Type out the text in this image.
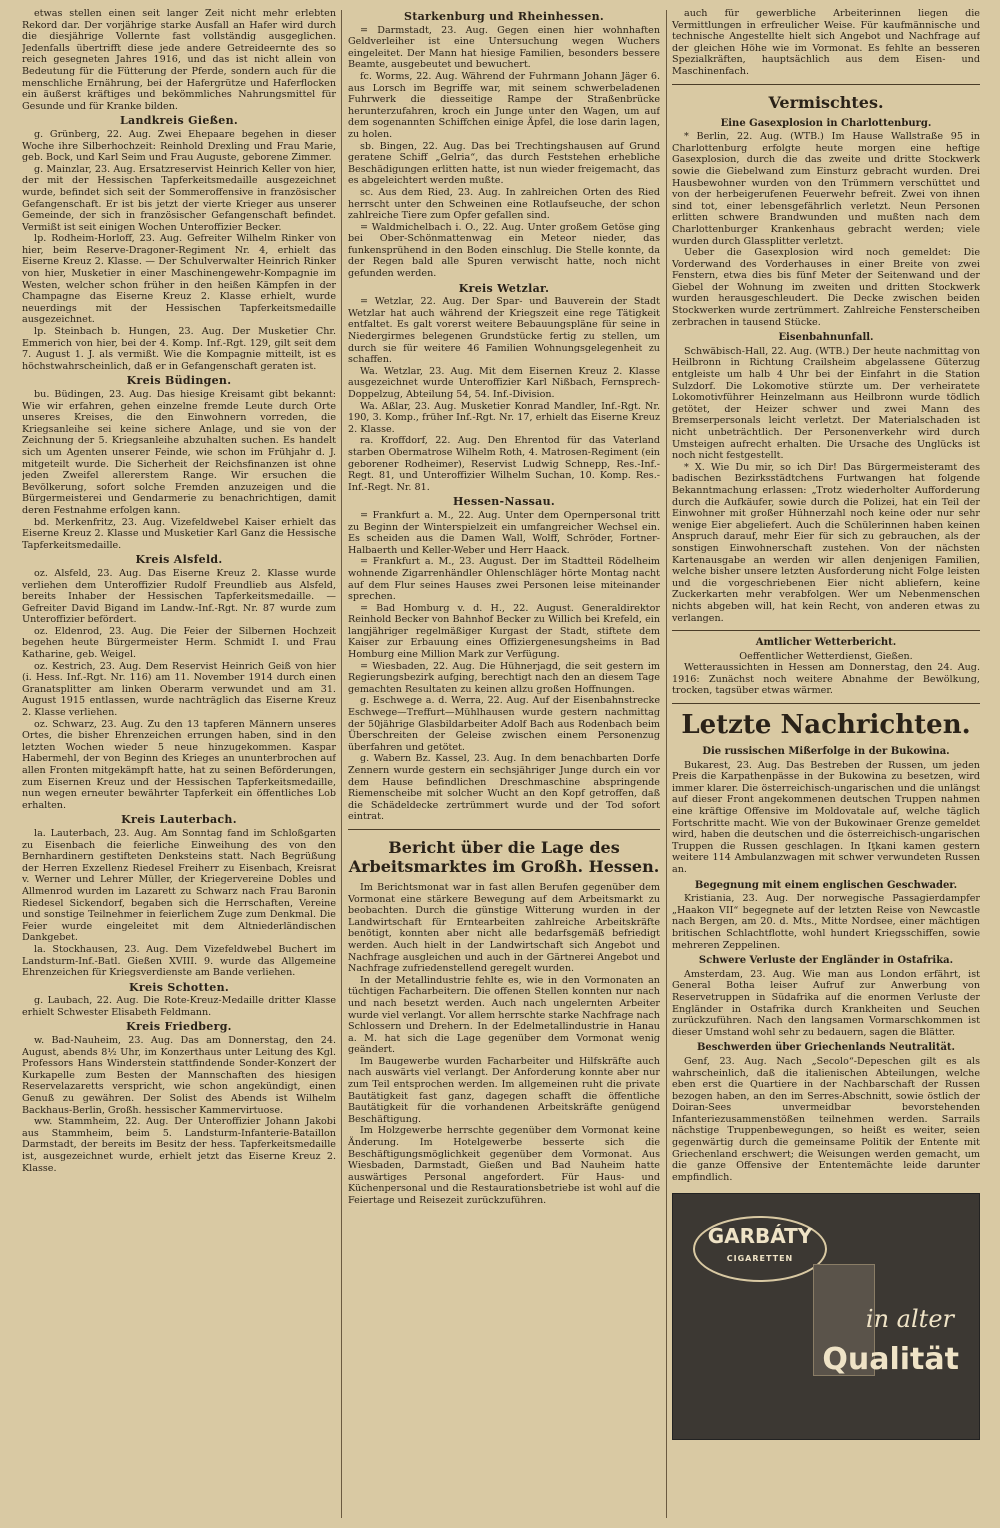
etwas stellen einen seit langer Zeit nicht mehr erlebten Rekord dar. Der vorjährige starke Ausfall an Hafer wird durch die diesjährige Vollernte fast vollständig ausgeglichen. Jedenfalls übertrifft diese jede andere Getreideernte des so reich gesegneten Jahres 1916, und das ist nicht allein von Bedeutung für die Fütterung der Pferde, sondern auch für die menschliche Ernährung, bei der Hafergrütze und Haferflocken ein äußerst kräftiges und bekömmliches Nahrungsmittel für Gesunde und für Kranke bilden.

Landkreis Gießen.

g. Grünberg, 22. Aug. Zwei Ehepaare begehen in dieser Woche ihre Silberhochzeit: Reinhold Drexling und Frau Marie, geb. Bock, und Karl Seim und Frau Auguste, geborene Zimmer.

g. Mainzlar, 23. Aug. Ersatzreservist Heinrich Keller von hier, der mit der Hessischen Tapferkeitsmedaille ausgezeichnet wurde, befindet sich seit der Sommeroffensive in französischer Gefangenschaft. Er ist bis jetzt der vierte Krieger aus unserer Gemeinde, der sich in französischer Gefangenschaft befindet. Vermißt ist seit einigen Wochen Unteroffizier Becker.

lp. Rodheim-Horloff, 23. Aug. Gefreiter Wilhelm Rinker von hier, beim Reserve-Dragoner-Regiment Nr. 4, erhielt das Eiserne Kreuz 2. Klasse. — Der Schulverwalter Heinrich Rinker von hier, Musketier in einer Maschinengewehr-Kompagnie im Westen, welcher schon früher in den heißen Kämpfen in der Champagne das Eiserne Kreuz 2. Klasse erhielt, wurde neuerdings mit der Hessischen Tapferkeitsmedaille ausgezeichnet.

lp. Steinbach b. Hungen, 23. Aug. Der Musketier Chr. Emmerich von hier, bei der 4. Komp. Inf.-Rgt. 129, gilt seit dem 7. August 1. J. als vermißt. Wie die Kompagnie mitteilt, ist es höchstwahrscheinlich, daß er in Gefangenschaft geraten ist.

Kreis Büdingen.

bu. Büdingen, 23. Aug. Das hiesige Kreisamt gibt bekannt: Wie wir erfahren, gehen einzelne fremde Leute durch Orte unseres Kreises, die den Einwohnern vorreden, die Kriegsanleihe sei keine sichere Anlage, und sie von der Zeichnung der 5. Kriegsanleihe abzuhalten suchen. Es handelt sich um Agenten unserer Feinde, wie schon im Frühjahr d. J. mitgeteilt wurde. Die Sicherheit der Reichsfinanzen ist ohne jeden Zweifel allererstem Range. Wir ersuchen die Bevölkerung, sofort solche Fremden anzuzeigen und die Bürgermeisterei und Gendarmerie zu benachrichtigen, damit deren Festnahme erfolgen kann.

bd. Merkenfritz, 23. Aug. Vizefeldwebel Kaiser erhielt das Eiserne Kreuz 2. Klasse und Musketier Karl Ganz die Hessische Tapferkeitsmedaille.

Kreis Alsfeld.

oz. Alsfeld, 23. Aug. Das Eiserne Kreuz 2. Klasse wurde verliehen dem Unteroffizier Rudolf Freundlieb aus Alsfeld, bereits Inhaber der Hessischen Tapferkeitsmedaille. — Gefreiter David Bigand im Landw.-Inf.-Rgt. Nr. 87 wurde zum Unteroffizier befördert.

oz. Eldenrod, 23. Aug. Die Feier der Silbernen Hochzeit begehen heute Bürgermeister Herm. Schmidt I. und Frau Katharine, geb. Weigel.

oz. Kestrich, 23. Aug. Dem Reservist Heinrich Geiß von hier (i. Hess. Inf.-Rgt. Nr. 116) am 11. November 1914 durch einen Granatsplitter am linken Oberarm verwundet und am 31. August 1915 entlassen, wurde nachträglich das Eiserne Kreuz 2. Klasse verliehen.

oz. Schwarz, 23. Aug. Zu den 13 tapferen Männern unseres Ortes, die bisher Ehrenzeichen errungen haben, sind in den letzten Wochen wieder 5 neue hinzugekommen. Kaspar Habermehl, der von Beginn des Krieges an ununterbrochen auf allen Fronten mitgekämpft hatte, hat zu seinen Beförderungen, zum Eisernen Kreuz und der Hessischen Tapferkeitsmedaille, nun wegen erneuter bewährter Tapferkeit ein öffentliches Lob erhalten.

Kreis Lauterbach.

la. Lauterbach, 23. Aug. Am Sonntag fand im Schloßgarten zu Eisenbach die feierliche Einweihung des von den Bernhardinern gestifteten Denksteins statt. Nach Begrüßung der Herren Exzellenz Riedesel Freiherr zu Eisenbach, Kreisrat v. Werner und Lehrer Müller, der Kriegervereine Dobles und Allmenrod wurden im Lazarett zu Schwarz nach Frau Baronin Riedesel Sickendorf, begaben sich die Herrschaften, Vereine und sonstige Teilnehmer in feierlichem Zuge zum Denkmal. Die Feier wurde eingeleitet mit dem Altniederländischen Dankgebet.

la. Stockhausen, 23. Aug. Dem Vizefeldwebel Buchert im Landsturm-Inf.-Batl. Gießen XVIII. 9. wurde das Allgemeine Ehrenzeichen für Kriegsverdienste am Bande verliehen.

Kreis Schotten.

g. Laubach, 22. Aug. Die Rote-Kreuz-Medaille dritter Klasse erhielt Schwester Elisabeth Feldmann.

Kreis Friedberg.

w. Bad-Nauheim, 23. Aug. Das am Donnerstag, den 24. August, abends 8½ Uhr, im Konzerthaus unter Leitung des Kgl. Professors Hans Winderstein stattfindende Sonder-Konzert der Kurkapelle zum Besten der Mannschaften des hiesigen Reservelazaretts verspricht, wie schon angekündigt, einen Genuß zu gewähren. Der Solist des Abends ist Wilhelm Backhaus-Berlin, Großh. hessischer Kammervirtuose.

ww. Stammheim, 22. Aug. Der Unteroffizier Johann Jakobi aus Stammheim, beim 5. Landsturm-Infanterie-Bataillon Darmstadt, der bereits im Besitz der hess. Tapferkeitsmedaille ist, ausgezeichnet wurde, erhielt jetzt das Eiserne Kreuz 2. Klasse.

Starkenburg und Rheinhessen.

= Darmstadt, 23. Aug. Gegen einen hier wohnhaften Geldverleiher ist eine Untersuchung wegen Wuchers eingeleitet. Der Mann hat hiesige Familien, besonders bessere Beamte, ausgebeutet und bewuchert.

fc. Worms, 22. Aug. Während der Fuhrmann Johann Jäger 6. aus Lorsch im Begriffe war, mit seinem schwerbeladenen Fuhrwerk die diesseitige Rampe der Straßenbrücke herunterzufahren, kroch ein Junge unter den Wagen, um auf dem sogenannten Schiffchen einige Äpfel, die lose darin lagen, zu holen.

sb. Bingen, 22. Aug. Das bei Trechtingshausen auf Grund geratene Schiff „Gelria“, das durch Feststehen erhebliche Beschädigungen erlitten hatte, ist nun wieder freigemacht, das es abgeleichtert werden mußte.

sc. Aus dem Ried, 23. Aug. In zahlreichen Orten des Ried herrscht unter den Schweinen eine Rotlaufseuche, der schon zahlreiche Tiere zum Opfer gefallen sind.

= Waldmichelbach i. O., 22. Aug. Unter großem Getöse ging bei Ober-Schönmattenwag ein Meteor nieder, das funkensprühend in den Boden einschlug. Die Stelle konnte, da der Regen bald alle Spuren verwischt hatte, noch nicht gefunden werden.

Kreis Wetzlar.

= Wetzlar, 22. Aug. Der Spar- und Bauverein der Stadt Wetzlar hat auch während der Kriegszeit eine rege Tätigkeit entfaltet. Es galt vorerst weitere Bebauungspläne für seine in Niedergirmes belegenen Grundstücke fertig zu stellen, um durch sie für weitere 46 Familien Wohnungsgelegenheit zu schaffen.

Wa. Wetzlar, 23. Aug. Mit dem Eisernen Kreuz 2. Klasse ausgezeichnet wurde Unteroffizier Karl Nißbach, Fernsprech-Doppelzug, Abteilung 54, 54. Inf.-Division.

Wa. Aßlar, 23. Aug. Musketier Konrad Mandler, Inf.-Rgt. Nr. 190, 3. Komp., früher Inf.-Rgt. Nr. 17, erhielt das Eiserne Kreuz 2. Klasse.

ra. Kroffdorf, 22. Aug. Den Ehrentod für das Vaterland starben Obermatrose Wilhelm Roth, 4. Matrosen-Regiment (ein geborener Rodheimer), Reservist Ludwig Schnepp, Res.-Inf.-Regt. 81, und Unteroffizier Wilhelm Suchan, 10. Komp. Res.-Inf.-Regt. Nr. 81.

Hessen-Nassau.

= Frankfurt a. M., 22. Aug. Unter dem Opernpersonal tritt zu Beginn der Winterspielzeit ein umfangreicher Wechsel ein. Es scheiden aus die Damen Wall, Wolff, Schröder, Fortner-Halbaerth und Keller-Weber und Herr Haack.

= Frankfurt a. M., 23. August. Der im Stadtteil Rödelheim wohnende Zigarrenhändler Ohlenschläger hörte Montag nacht auf dem Flur seines Hauses zwei Personen leise miteinander sprechen.

= Bad Homburg v. d. H., 22. August. Generaldirektor Reinhold Becker von Bahnhof Becker zu Willich bei Krefeld, ein langjähriger regelmäßiger Kurgast der Stadt, stiftete dem Kaiser zur Erbauung eines Offiziergenesungsheims in Bad Homburg eine Million Mark zur Verfügung.

= Wiesbaden, 22. Aug. Die Hühnerjagd, die seit gestern im Regierungsbezirk aufging, berechtigt nach den an diesem Tage gemachten Resultaten zu keinen allzu großen Hoffnungen.

g. Eschwege a. d. Werra, 22. Aug. Auf der Eisenbahnstrecke Eschwege—Treffurt—Mühlhausen wurde gestern nachmittag der 50jährige Glasbildarbeiter Adolf Bach aus Rodenbach beim Überschreiten der Geleise zwischen einem Personenzug überfahren und getötet.

g. Wabern Bz. Kassel, 23. Aug. In dem benachbarten Dorfe Zennern wurde gestern ein sechsjähriger Junge durch ein vor dem Hause befindlichen Dreschmaschine abspringende Riemenscheibe mit solcher Wucht an den Kopf getroffen, daß die Schädeldecke zertrümmert wurde und der Tod sofort eintrat.

Bericht über die Lage des Arbeitsmarktes im Großh. Hessen.

Im Berichtsmonat war in fast allen Berufen gegenüber dem Vormonat eine stärkere Bewegung auf dem Arbeitsmarkt zu beobachten. Durch die günstige Witterung wurden in der Landwirtschaft für Erntearbeiten zahlreiche Arbeitskräfte benötigt, konnten aber nicht alle bedarfsgemäß befriedigt werden. Auch hielt in der Landwirtschaft sich Angebot und Nachfrage ausgleichen und auch in der Gärtnerei Angebot und Nachfrage zufriedenstellend geregelt wurden.

In der Metallindustrie fehlte es, wie in den Vormonaten an tüchtigen Facharbeitern. Die offenen Stellen konnten nur nach und nach besetzt werden. Auch nach ungelernten Arbeiter wurde viel verlangt. Vor allem herrschte starke Nachfrage nach Schlossern und Drehern. In der Edelmetallindustrie in Hanau a. M. hat sich die Lage gegenüber dem Vormonat wenig geändert.

Im Baugewerbe wurden Facharbeiter und Hilfskräfte auch nach auswärts viel verlangt. Der Anforderung konnte aber nur zum Teil entsprochen werden. Im allgemeinen ruht die private Bautätigkeit fast ganz, dagegen schafft die öffentliche Bautätigkeit für die vorhandenen Arbeitskräfte genügend Beschäftigung.

Im Holzgewerbe herrschte gegenüber dem Vormonat keine Änderung. Im Hotelgewerbe besserte sich die Beschäftigungsmöglichkeit gegenüber dem Vormonat. Aus Wiesbaden, Darmstadt, Gießen und Bad Nauheim hatte auswärtiges Personal angefordert. Für Haus- und Küchenpersonal und die Restaurationsbetriebe ist wohl auf die Feiertage und Reisezeit zurückzuführen.

auch für gewerbliche Arbeiterinnen liegen die Vermittlungen in erfreulicher Weise. Für kaufmännische und technische Angestellte hielt sich Angebot und Nachfrage auf der gleichen Höhe wie im Vormonat. Es fehlte an besseren Spezialkräften, hauptsächlich aus dem Eisen- und Maschinenfach.

Vermischtes.
Eine Gasexplosion in Charlottenburg.

* Berlin, 22. Aug. (WTB.) Im Hause Wallstraße 95 in Charlottenburg erfolgte heute morgen eine heftige Gasexplosion, durch die das zweite und dritte Stockwerk sowie die Giebelwand zum Einsturz gebracht wurden. Drei Hausbewohner wurden von den Trümmern verschüttet und von der herbeigerufenen Feuerwehr befreit. Zwei von ihnen sind tot, einer lebensgefährlich verletzt. Neun Personen erlitten schwere Brandwunden und mußten nach dem Charlottenburger Krankenhaus gebracht werden; viele wurden durch Glassplitter verletzt.

Ueber die Gasexplosion wird noch gemeldet: Die Vorderwand des Vorderhauses in einer Breite von zwei Fenstern, etwa dies bis fünf Meter der Seitenwand und der Giebel der Wohnung im zweiten und dritten Stockwerk wurden herausgeschleudert. Die Decke zwischen beiden Stockwerken wurde zertrümmert. Zahlreiche Fensterscheiben zerbrachen in tausend Stücke.

Eisenbahnunfall.

Schwäbisch-Hall, 22. Aug. (WTB.) Der heute nachmittag von Heilbronn in Richtung Crailsheim abgelassene Güterzug entgleiste um halb 4 Uhr bei der Einfahrt in die Station Sulzdorf. Die Lokomotive stürzte um. Der verheiratete Lokomotivführer Heinzelmann aus Heilbronn wurde tödlich getötet, der Heizer schwer und zwei Mann des Bremserpersonals leicht verletzt. Der Materialschaden ist nicht unbeträchtlich. Der Personenverkehr wird durch Umsteigen aufrecht erhalten. Die Ursache des Unglücks ist noch nicht festgestellt.

* X. Wie Du mir, so ich Dir! Das Bürgermeisteramt des badischen Bezirksstädtchens Furtwangen hat folgende Bekanntmachung erlassen: „Trotz wiederholter Aufforderung durch die Aufkäufer, sowie durch die Polizei, hat ein Teil der Einwohner mit großer Hühnerzahl noch keine oder nur sehr wenige Eier abgeliefert. Auch die Schülerinnen haben keinen Anspruch darauf, mehr Eier für sich zu gebrauchen, als der sonstigen Einwohnerschaft zustehen. Von der nächsten Kartenausgabe an werden wir allen denjenigen Familien, welche bisher unsere letzten Ausforderung nicht Folge leisten und die vorgeschriebenen Eier nicht abliefern, keine Zuckerkarten mehr verabfolgen. Wer um Nebenmenschen nichts abgeben will, hat kein Recht, von anderen etwas zu verlangen.

Amtlicher Wetterbericht.
Oeffentlicher Wetterdienst, Gießen.

Wetteraussichten in Hessen am Donnerstag, den 24. Aug. 1916: Zunächst noch weitere Abnahme der Bewölkung, trocken, tagsüber etwas wärmer.

Letzte Nachrichten.
Die russischen Mißerfolge in der Bukowina.

Bukarest, 23. Aug. Das Bestreben der Russen, um jeden Preis die Karpathenpässe in der Bukowina zu besetzen, wird immer klarer. Die österreichisch-ungarischen und die unlängst auf dieser Front angekommenen deutschen Truppen nahmen eine kräftige Offensive im Moldovatale auf, welche täglich Fortschritte macht. Wie von der Bukowinaer Grenze gemeldet wird, haben die deutschen und die österreichisch-ungarischen Truppen die Russen geschlagen. In Iţkani kamen gestern weitere 114 Ambulanzwagen mit schwer verwundeten Russen an.

Begegnung mit einem englischen Geschwader.

Kristiania, 23. Aug. Der norwegische Passagierdampfer „Haakon VII“ begegnete auf der letzten Reise von Newcastle nach Bergen, am 20. d. Mts., Mitte Nordsee, einer mächtigen britischen Schlachtflotte, wohl hundert Kriegsschiffen, sowie mehreren Zeppelinen.

Schwere Verluste der Engländer in Ostafrika.

Amsterdam, 23. Aug. Wie man aus London erfährt, ist General Botha leiser Aufruf zur Anwerbung von Reservetruppen in Südafrika auf die enormen Verluste der Engländer in Ostafrika durch Krankheiten und Seuchen zurückzuführen. Nach den langsamen Vormarschkommen ist dieser Umstand wohl sehr zu bedauern, sagen die Blätter.

Beschwerden über Griechenlands Neutralität.

Genf, 23. Aug. Nach „Secolo“-Depeschen gilt es als wahrscheinlich, daß die italienischen Abteilungen, welche eben erst die Quartiere in der Nachbarschaft der Russen bezogen haben, an den im Serres-Abschnitt, sowie östlich der Doiran-Sees unvermeidbar bevorstehenden Infanteriezusammenstößen teilnehmen werden. Sarrails nächstige Truppenbewegungen, so heißt es weiter, seien gegenwärtig durch die gemeinsame Politik der Entente mit Griechenland erschwert; die Weisungen werden gemacht, um die ganze Offensive der Ententemächte leide darunter empfindlich.

GARBÁTY
CIGARETTEN
in alter
Qualität
